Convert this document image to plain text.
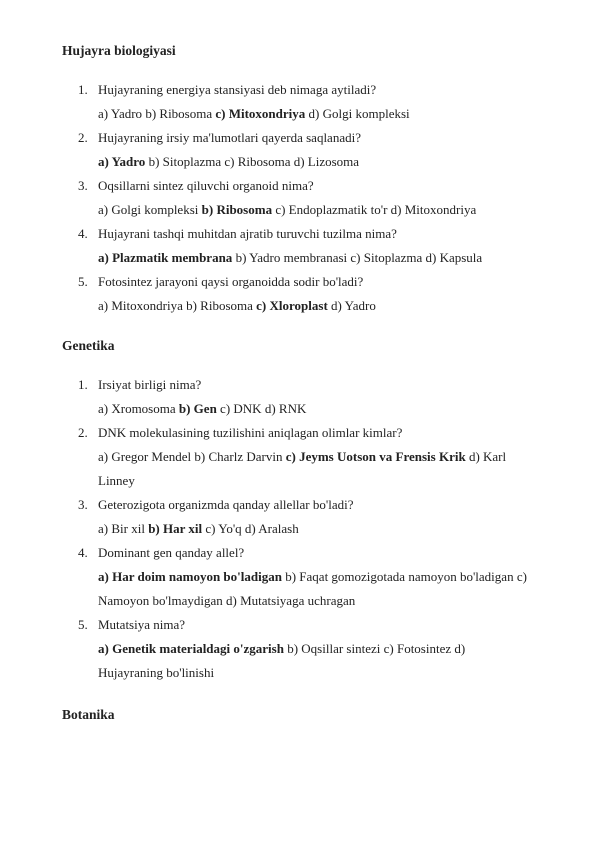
Hujayra biologiyasi
1. Hujayraning energiya stansiyasi deb nimaga aytiladi?
a) Yadro b) Ribosoma c) Mitoxondriya d) Golgi kompleksi
2. Hujayraning irsiy ma'lumotlari qayerda saqlanadi?
a) Yadro b) Sitoplazma c) Ribosoma d) Lizosoma
3. Oqsillarni sintez qiluvchi organoid nima?
a) Golgi kompleksi b) Ribosoma c) Endoplazmatik to'r d) Mitoxondriya
4. Hujayrani tashqi muhitdan ajratib turuvchi tuzilma nima?
a) Plazmatik membrana b) Yadro membranasi c) Sitoplazma d) Kapsula
5. Fotosintez jarayoni qaysi organoidda sodir bo'ladi?
a) Mitoxondriya b) Ribosoma c) Xloroplast d) Yadro
Genetika
1. Irsiyat birligi nima?
a) Xromosoma b) Gen c) DNK d) RNK
2. DNK molekulasining tuzilishini aniqlagan olimlar kimlar?
a) Gregor Mendel b) Charlz Darvin c) Jeyms Uotson va Frensis Krik d) Karl Linney
3. Geterozigota organizmda qanday allellar bo'ladi?
a) Bir xil b) Har xil c) Yo'q d) Aralash
4. Dominant gen qanday allel?
a) Har doim namoyon bo'ladigan b) Faqat gomozigotada namoyon bo'ladigan c) Namoyon bo'lmaydigan d) Mutatsiyaga uchragan
5. Mutatsiya nima?
a) Genetik materialdagi o'zgarish b) Oqsillar sintezi c) Fotosintez d) Hujayraning bo'linishi
Botanika
